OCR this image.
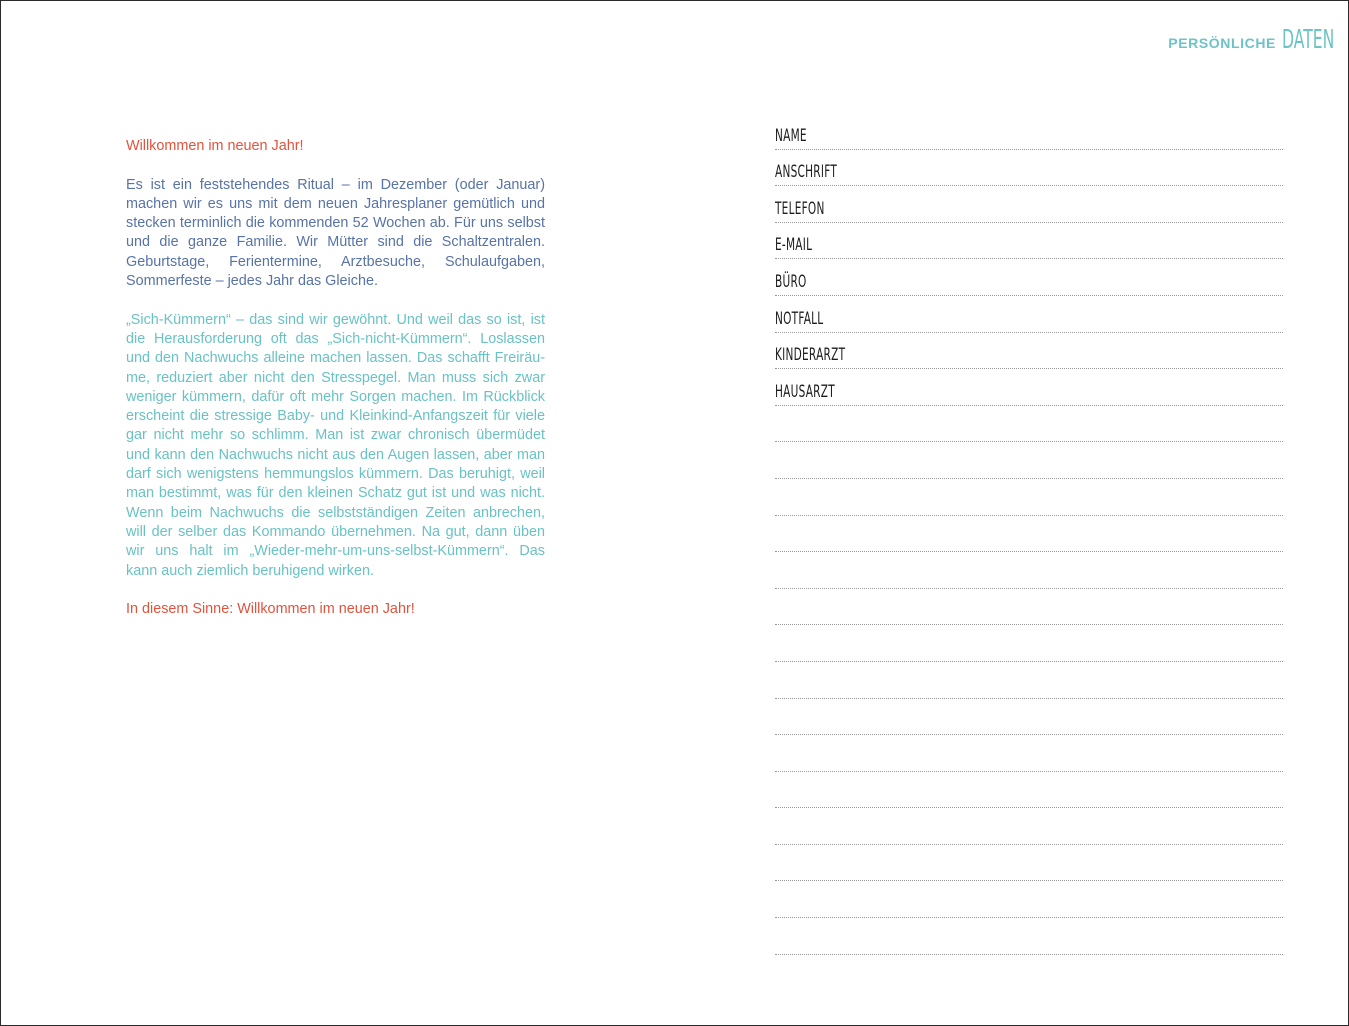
PERSÖNLICHE DATEN

Willkommen im neuen Jahr!

Es ist ein feststehendes Ritual – im Dezember (oder Januar) machen wir es uns mit dem neuen Jahresplaner gemütlich und stecken terminlich die kommenden 52 Wochen ab. Für uns selbst und die ganze Familie. Wir Mütter sind die Schaltzentralen. Geburtstage, Ferientermine, Arztbesuche, Schulaufgaben, Sommerfeste – jedes Jahr das Gleiche.

„Sich-Kümmern“ – das sind wir gewöhnt. Und weil das so ist, ist die Herausforderung oft das „Sich-nicht-Kümmern“. Loslassen und den Nachwuchs alleine machen lassen. Das schafft Freiräume, reduziert aber nicht den Stresspegel. Man muss sich zwar weniger kümmern, dafür oft mehr Sorgen machen. Im Rückblick erscheint die stressige Baby- und Kleinkind-Anfangszeit für viele gar nicht mehr so schlimm. Man ist zwar chronisch übermüdet und kann den Nachwuchs nicht aus den Augen lassen, aber man darf sich wenigstens hemmungslos kümmern. Das beruhigt, weil man bestimmt, was für den kleinen Schatz gut ist und was nicht. Wenn beim Nachwuchs die selbstständigen Zeiten anbrechen, will der selber das Kommando übernehmen. Na gut, dann üben wir uns halt im „Wieder-mehr-um-uns-selbst-Kümmern“. Das kann auch ziemlich beruhigend wirken.

In diesem Sinne: Willkommen im neuen Jahr!

NAME
ANSCHRIFT
TELEFON
E-MAIL
BÜRO
NOTFALL
KINDERARZT
HAUSARZT
